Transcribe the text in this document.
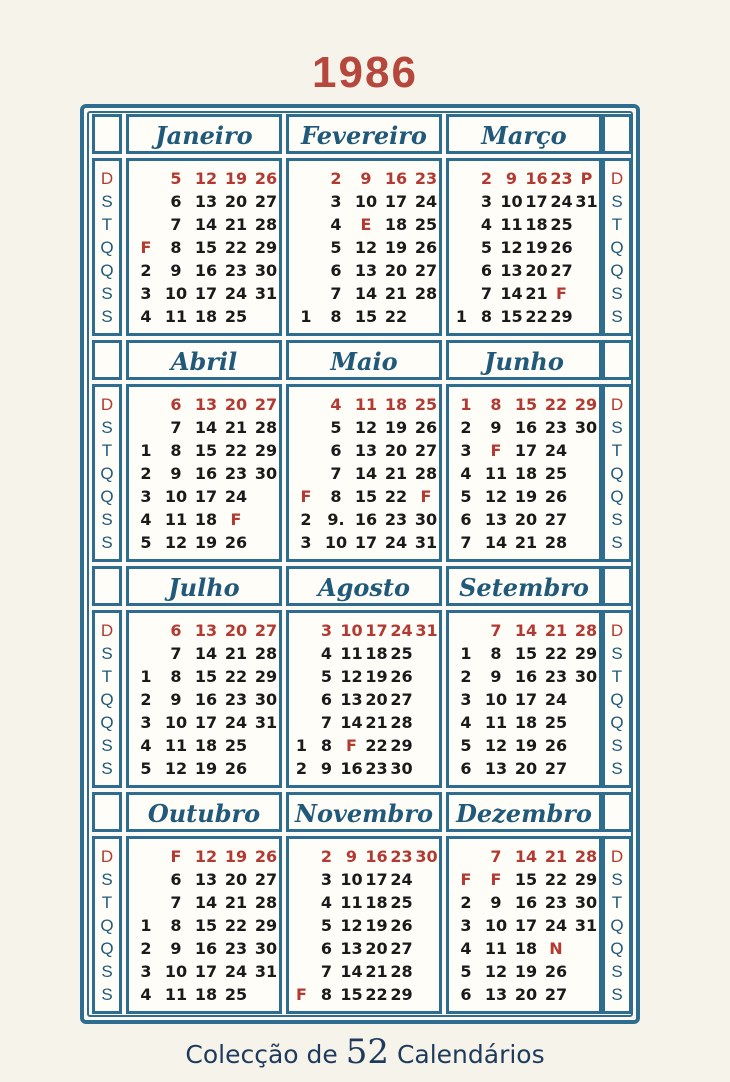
1986
D
S
T
Q
Q
S
S
D
S
T
Q
Q
S
S
Janeiro
5 12 19 26
6 13 20 27
7 14 21 28
F 8 15 22 29
2 9 16 23 30
3 10 17 24 31
4 11 18 25
Fevereiro
2 9 16 23
3 10 17 24
4 E 18 25
5 12 19 26
6 13 20 27
7 14 21 28
1 8 15 22
Março
2 9 16 23 P
3 10 17 24 31
4 11 18 25
5 12 19 26
6 13 20 27
7 14 21 F
1 8 15 22 29
D
S
T
Q
Q
S
S
D
S
T
Q
Q
S
S
Abril
6 13 20 27
7 14 21 28
1 8 15 22 29
2 9 16 23 30
3 10 17 24
4 11 18 F
5 12 19 26
Maio
4 11 18 25
5 12 19 26
6 13 20 27
7 14 21 28
F 8 15 22 F
2 9. 16 23 30
3 10 17 24 31
Junho
1 8 15 22 29
2 9 16 23 30
3 F 17 24
4 11 18 25
5 12 19 26
6 13 20 27
7 14 21 28
D
S
T
Q
Q
S
S
D
S
T
Q
Q
S
S
Julho
6 13 20 27
7 14 21 28
1 8 15 22 29
2 9 16 23 30
3 10 17 24 31
4 11 18 25
5 12 19 26
Agosto
3 10 17 24 31
4 11 18 25
5 12 19 26
6 13 20 27
7 14 21 28
1 8 F 22 29
2 9 16 23 30
Setembro
7 14 21 28
1 8 15 22 29
2 9 16 23 30
3 10 17 24
4 11 18 25
5 12 19 26
6 13 20 27
D
S
T
Q
Q
S
S
D
S
T
Q
Q
S
S
Outubro
F 12 19 26
6 13 20 27
7 14 21 28
1 8 15 22 29
2 9 16 23 30
3 10 17 24 31
4 11 18 25
Novembro
2 9 16 23 30
3 10 17 24
4 11 18 25
5 12 19 26
6 13 20 27
7 14 21 28
F 8 15 22 29
Dezembro
7 14 21 28
F F 15 22 29
2 9 16 23 30
3 10 17 24 31
4 11 18 N
5 12 19 26
6 13 20 27
Colecção de 52 Calendários
